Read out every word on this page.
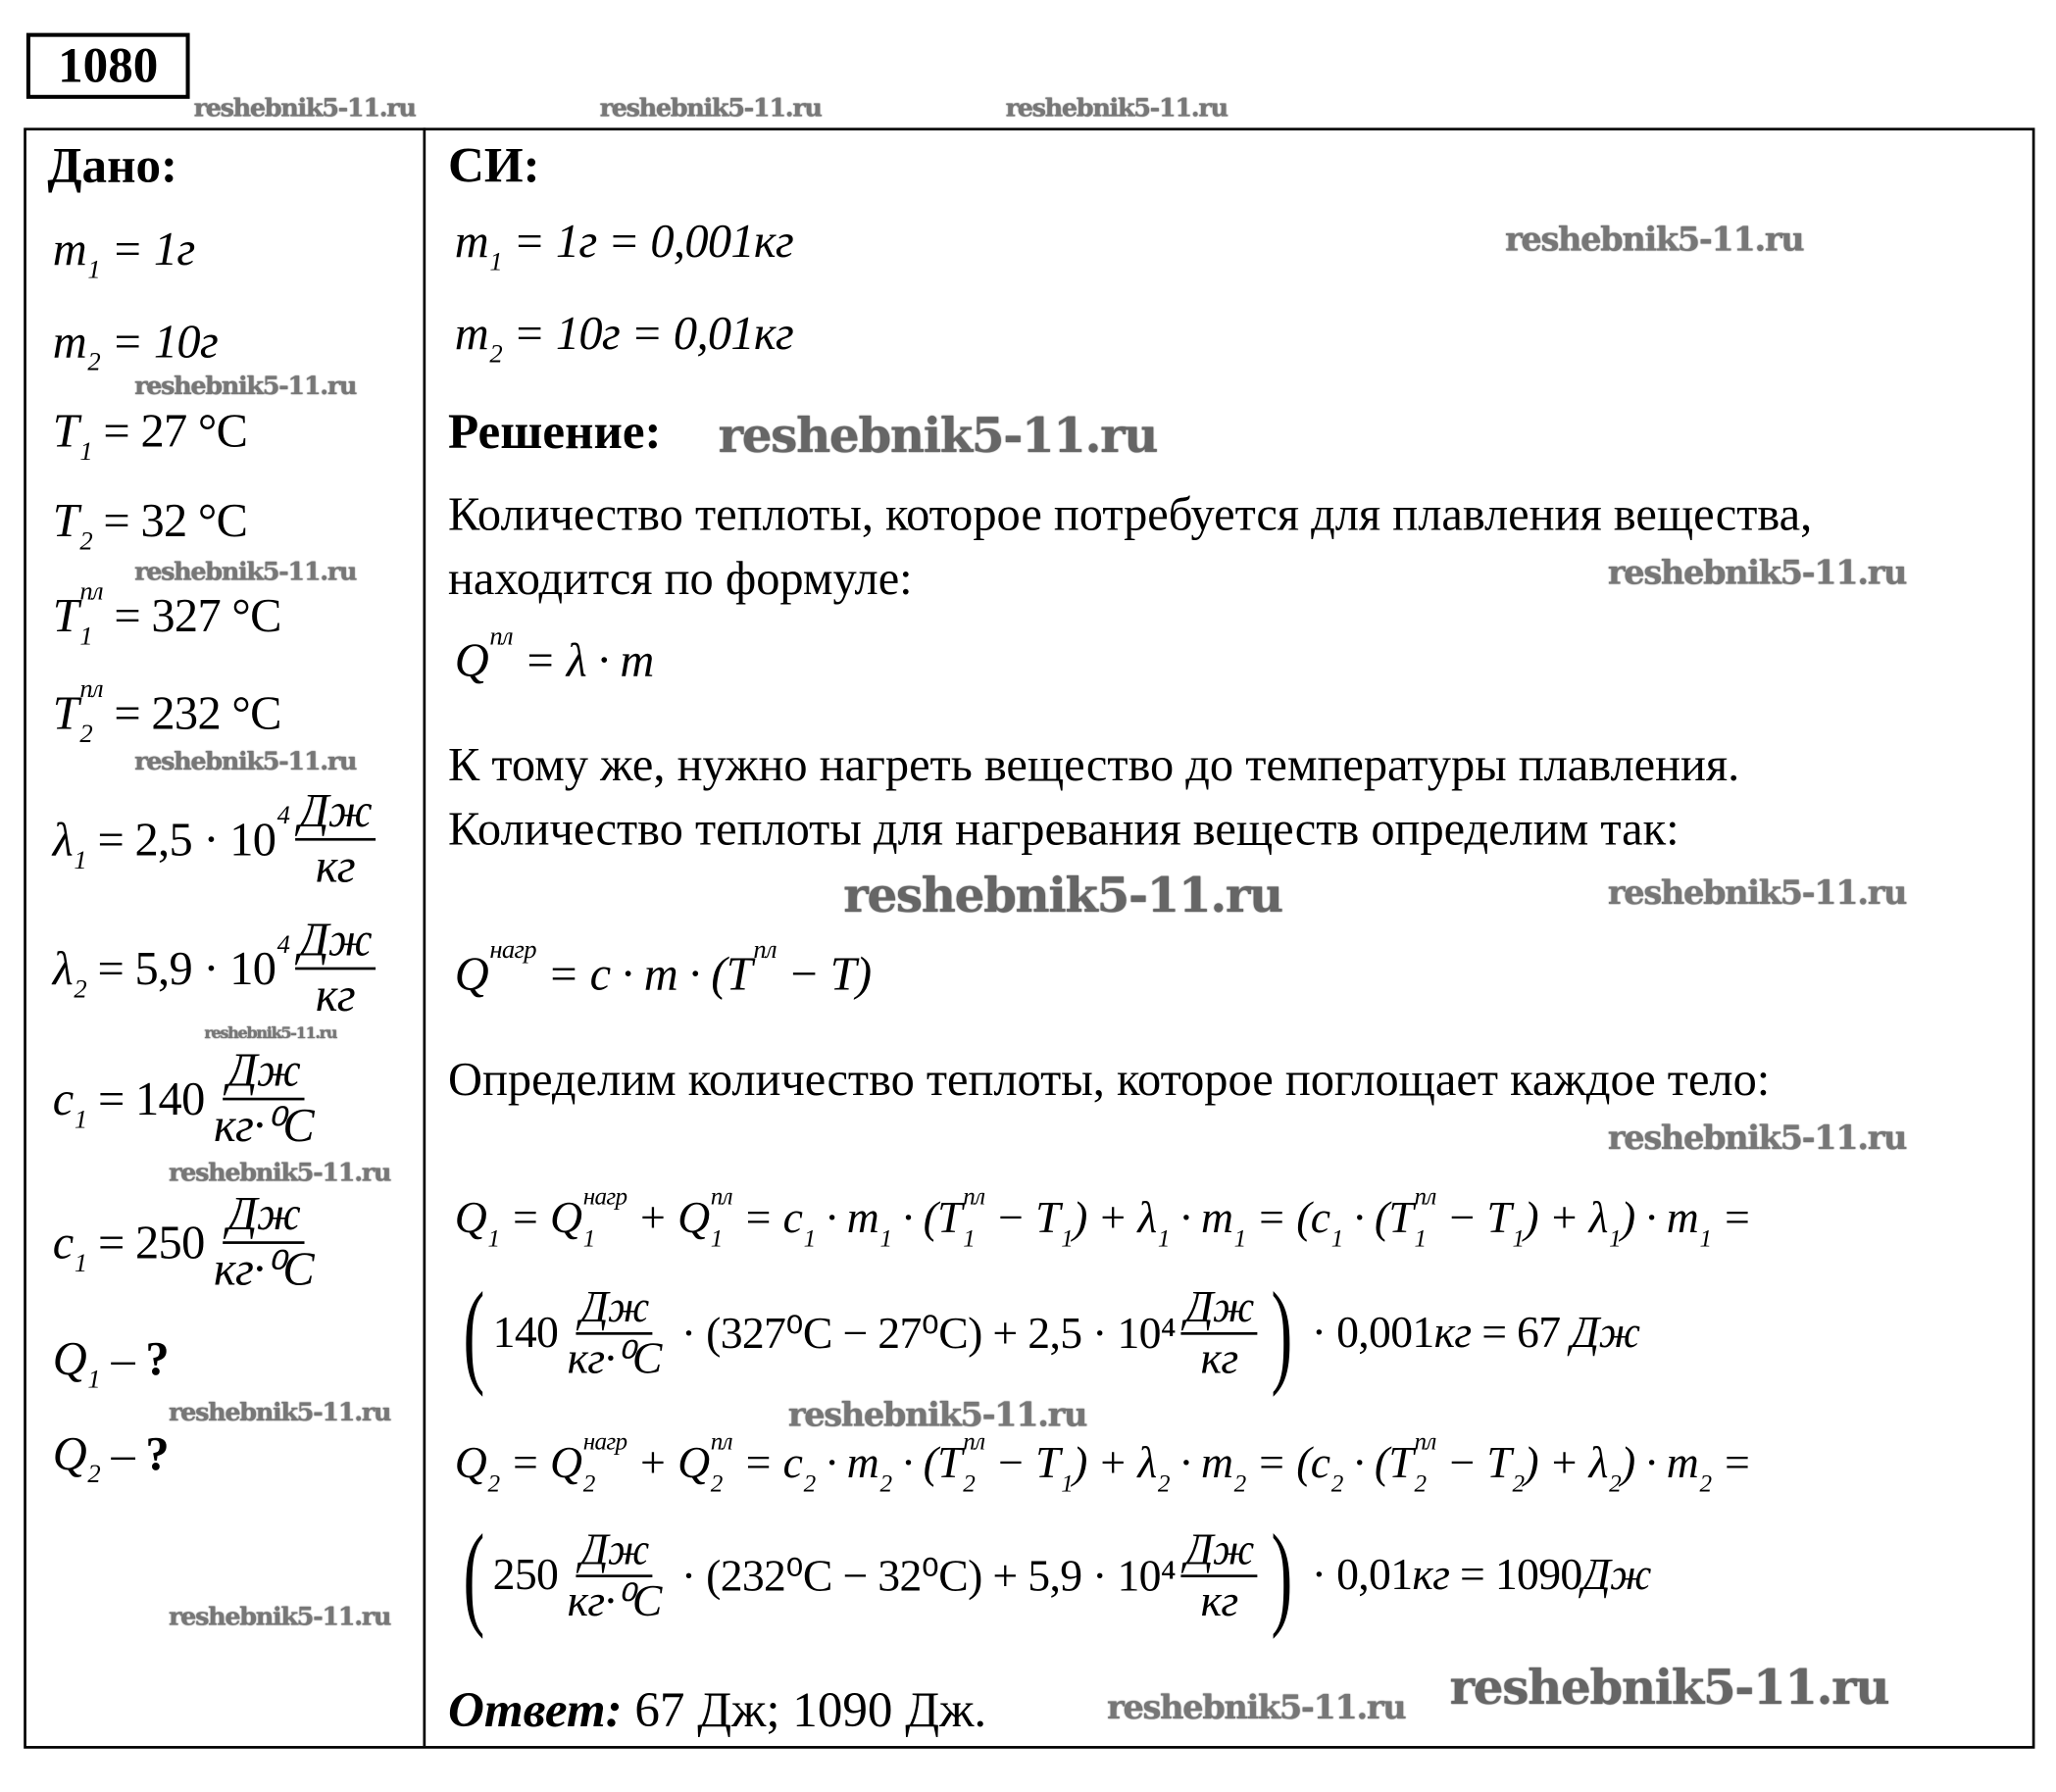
1080
reshebnik5-11.ru	reshebnik5-11.ru	reshebnik5-11.ru
Дано:
m
1 = 1г
m
2 = 10г
T
1 = 27 °C
T
2 = 32 °C
T пл
1 = 327 °C
T пл
2 = 232 °C
λ
1 = 2,5 · 10 4
$\frac{Дж}{кг}$
λ
2 = 5,9 · 10 4
$\frac{Дж}{кг}$
c
$1 = 140 \frac{Дж}{\text{кг·⁰C}}$
c
$1 = 250 \frac{Дж}{\text{кг·⁰C}}$
Q
1 – ?
Q
2 – ?
СИ:
m
1 = 1г = 0,001кг
m
2 = 10г = 0,01кг
Решение:
Количество теплоты, которое потребуется для плавления вещества, находится по формуле:
Q пл
= λ · m
К тому же, нужно нагреть вещество до температуры плавления. Количество теплоты для нагревания веществ определим так:
Q нагр
= c · m · ( T пл
− T)
Определим количество теплоты, которое поглощает каждое тело:
Q
1 = Q нагр
1 + Q пл
1 = c
1 · m
1 · ( T пл
1 − T
1 ) + λ
1 · m
1 = ( c
1 · ( T пл
1 − T
1 ) + λ
1 ) · m
1 =
( $140 \frac{Дж}{\text{кг·⁰C}} \cdot (327^0C - 27^0C) + 2,5 \cdot 10^4 \frac{Дж}{кг}$ ) · 0,001 кг = 67 Дж
Q
2 = Q нагр
2 + Q пл
2 = c
2 · m
2 · ( T пл
2 − T
1 ) + λ
2 · m
2 = ( c
2 · ( T пл
2 − T
2 ) + λ
2 ) · m
2 =
( $250 \frac{Дж}{\text{кг·⁰C}} \cdot (232^0C - 32^0C) + 5,9 \cdot 10^4 \frac{Дж}{кг}$ ) · 0,01 кг = 1090 Дж
Ответ: 67 Дж; 1090 Дж.
reshebnik5-11.ru
reshebnik5-11.ru
reshebnik5-11.ru
reshebnik5-11.ru
reshebnik5-11.ru
reshebnik5-11.ru
reshebnik5-11.ru	reshebnik5-11.ru
reshebnik5-11.ru
reshebnik5-11.ru
reshebnik5-11.ru
reshebnik5-11.ru
reshebnik5-11.ru
reshebnik5-11.ru
reshebnik5-11.ru
reshebnik5-11.ru
